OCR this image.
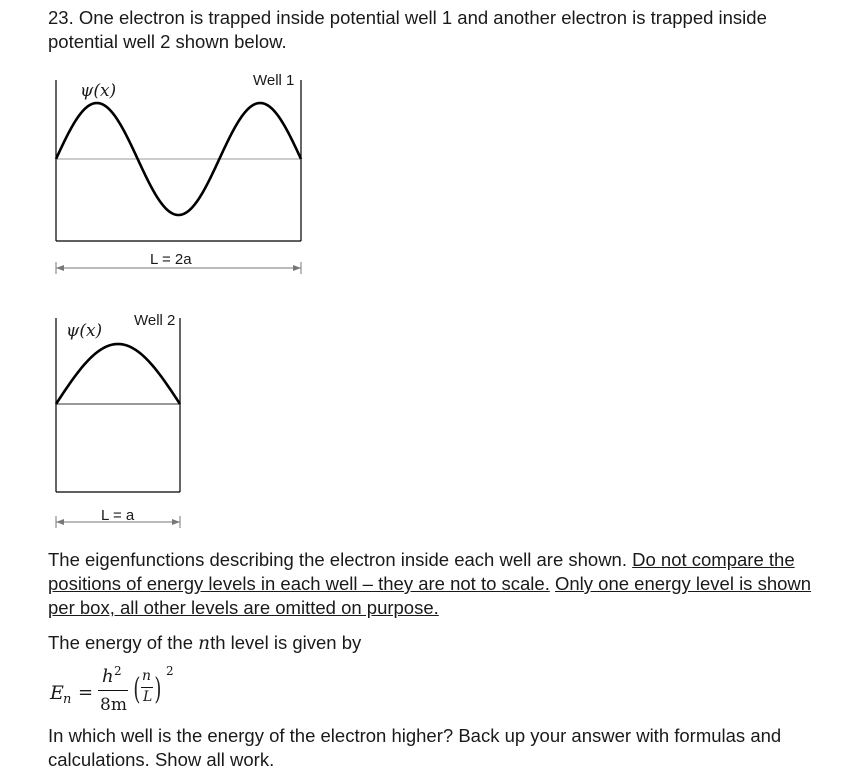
23. One electron is trapped inside potential well 1 and another electron is trapped inside
potential well 2 shown below.
Well 1
ψ(x)
L = 2a
Well 2
ψ(x)
L = a
The eigenfunctions describing the electron inside each well are shown. Do not compare the
positions of energy levels in each well – they are not to scale. Only one energy level is shown
per box, all other levels are omitted on purpose.
The energy of the nth level is given by
E n =
h 2
8m ( n
L )
2
In which well is the energy of the electron higher? Back up your answer with formulas and
calculations. Show all work.
